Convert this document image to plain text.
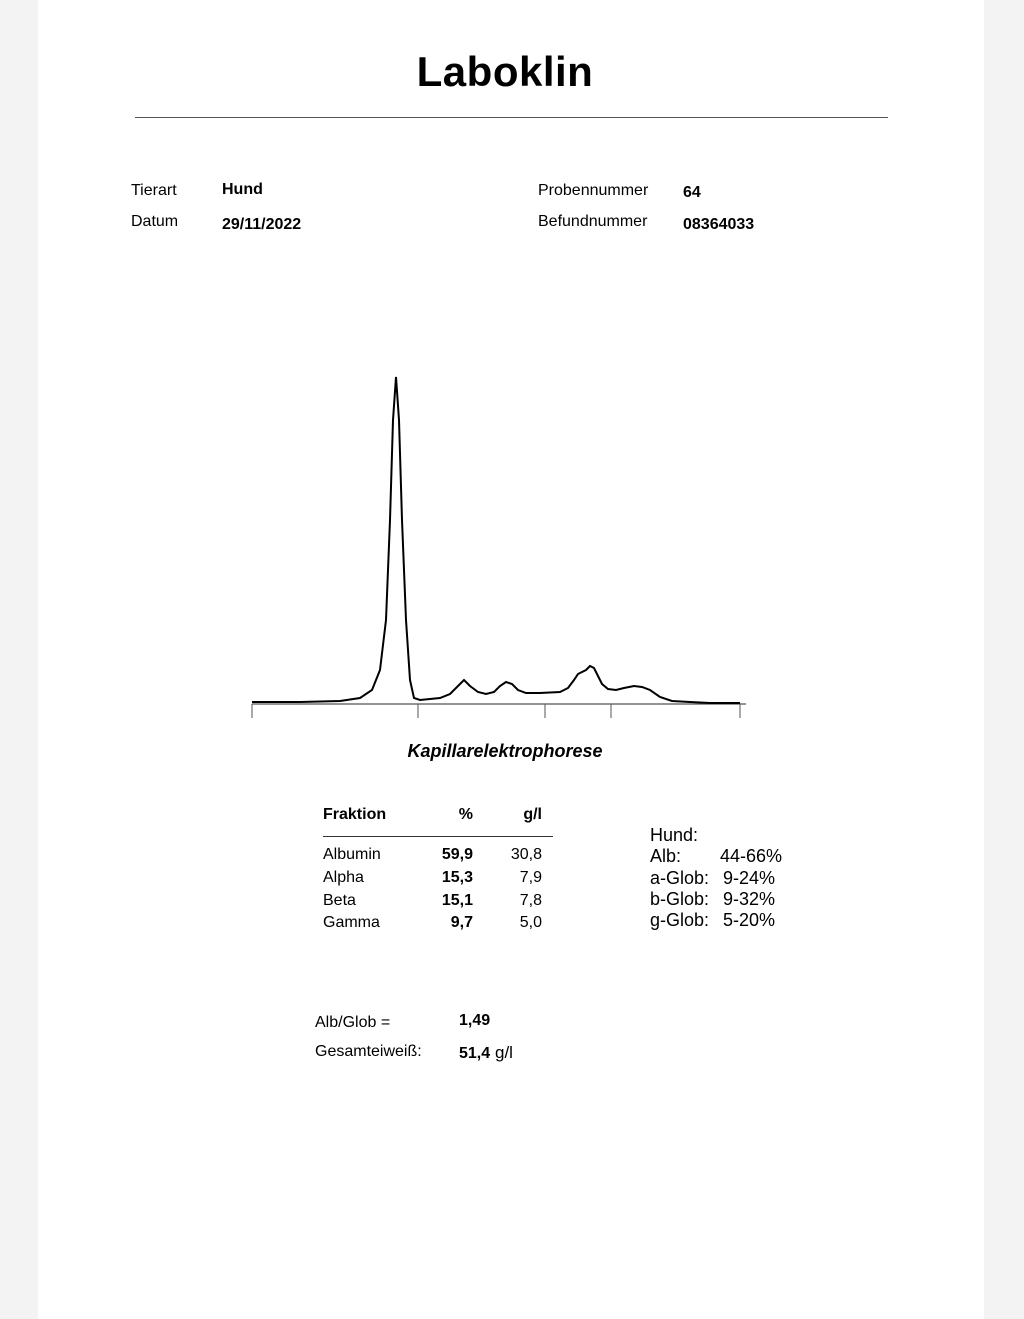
Laboklin
Tierart	Hund
Datum	29/11/2022
Probennummer 64
Befundnummer 08364033
Kapillarelektrophorese
Fraktion	%	g/l
Albumin	59,9	30,8
Alpha	15,3	7,9
Beta	15,1	7,8
Gamma	9,7	5,0
Hund:
Alb: 44-66%
a-Glob: 9-24%
b-Glob: 9-32%
g-Glob: 5-20%
Alb/Glob =	1,49
Gesamteiweiß: 51,4 g/l
